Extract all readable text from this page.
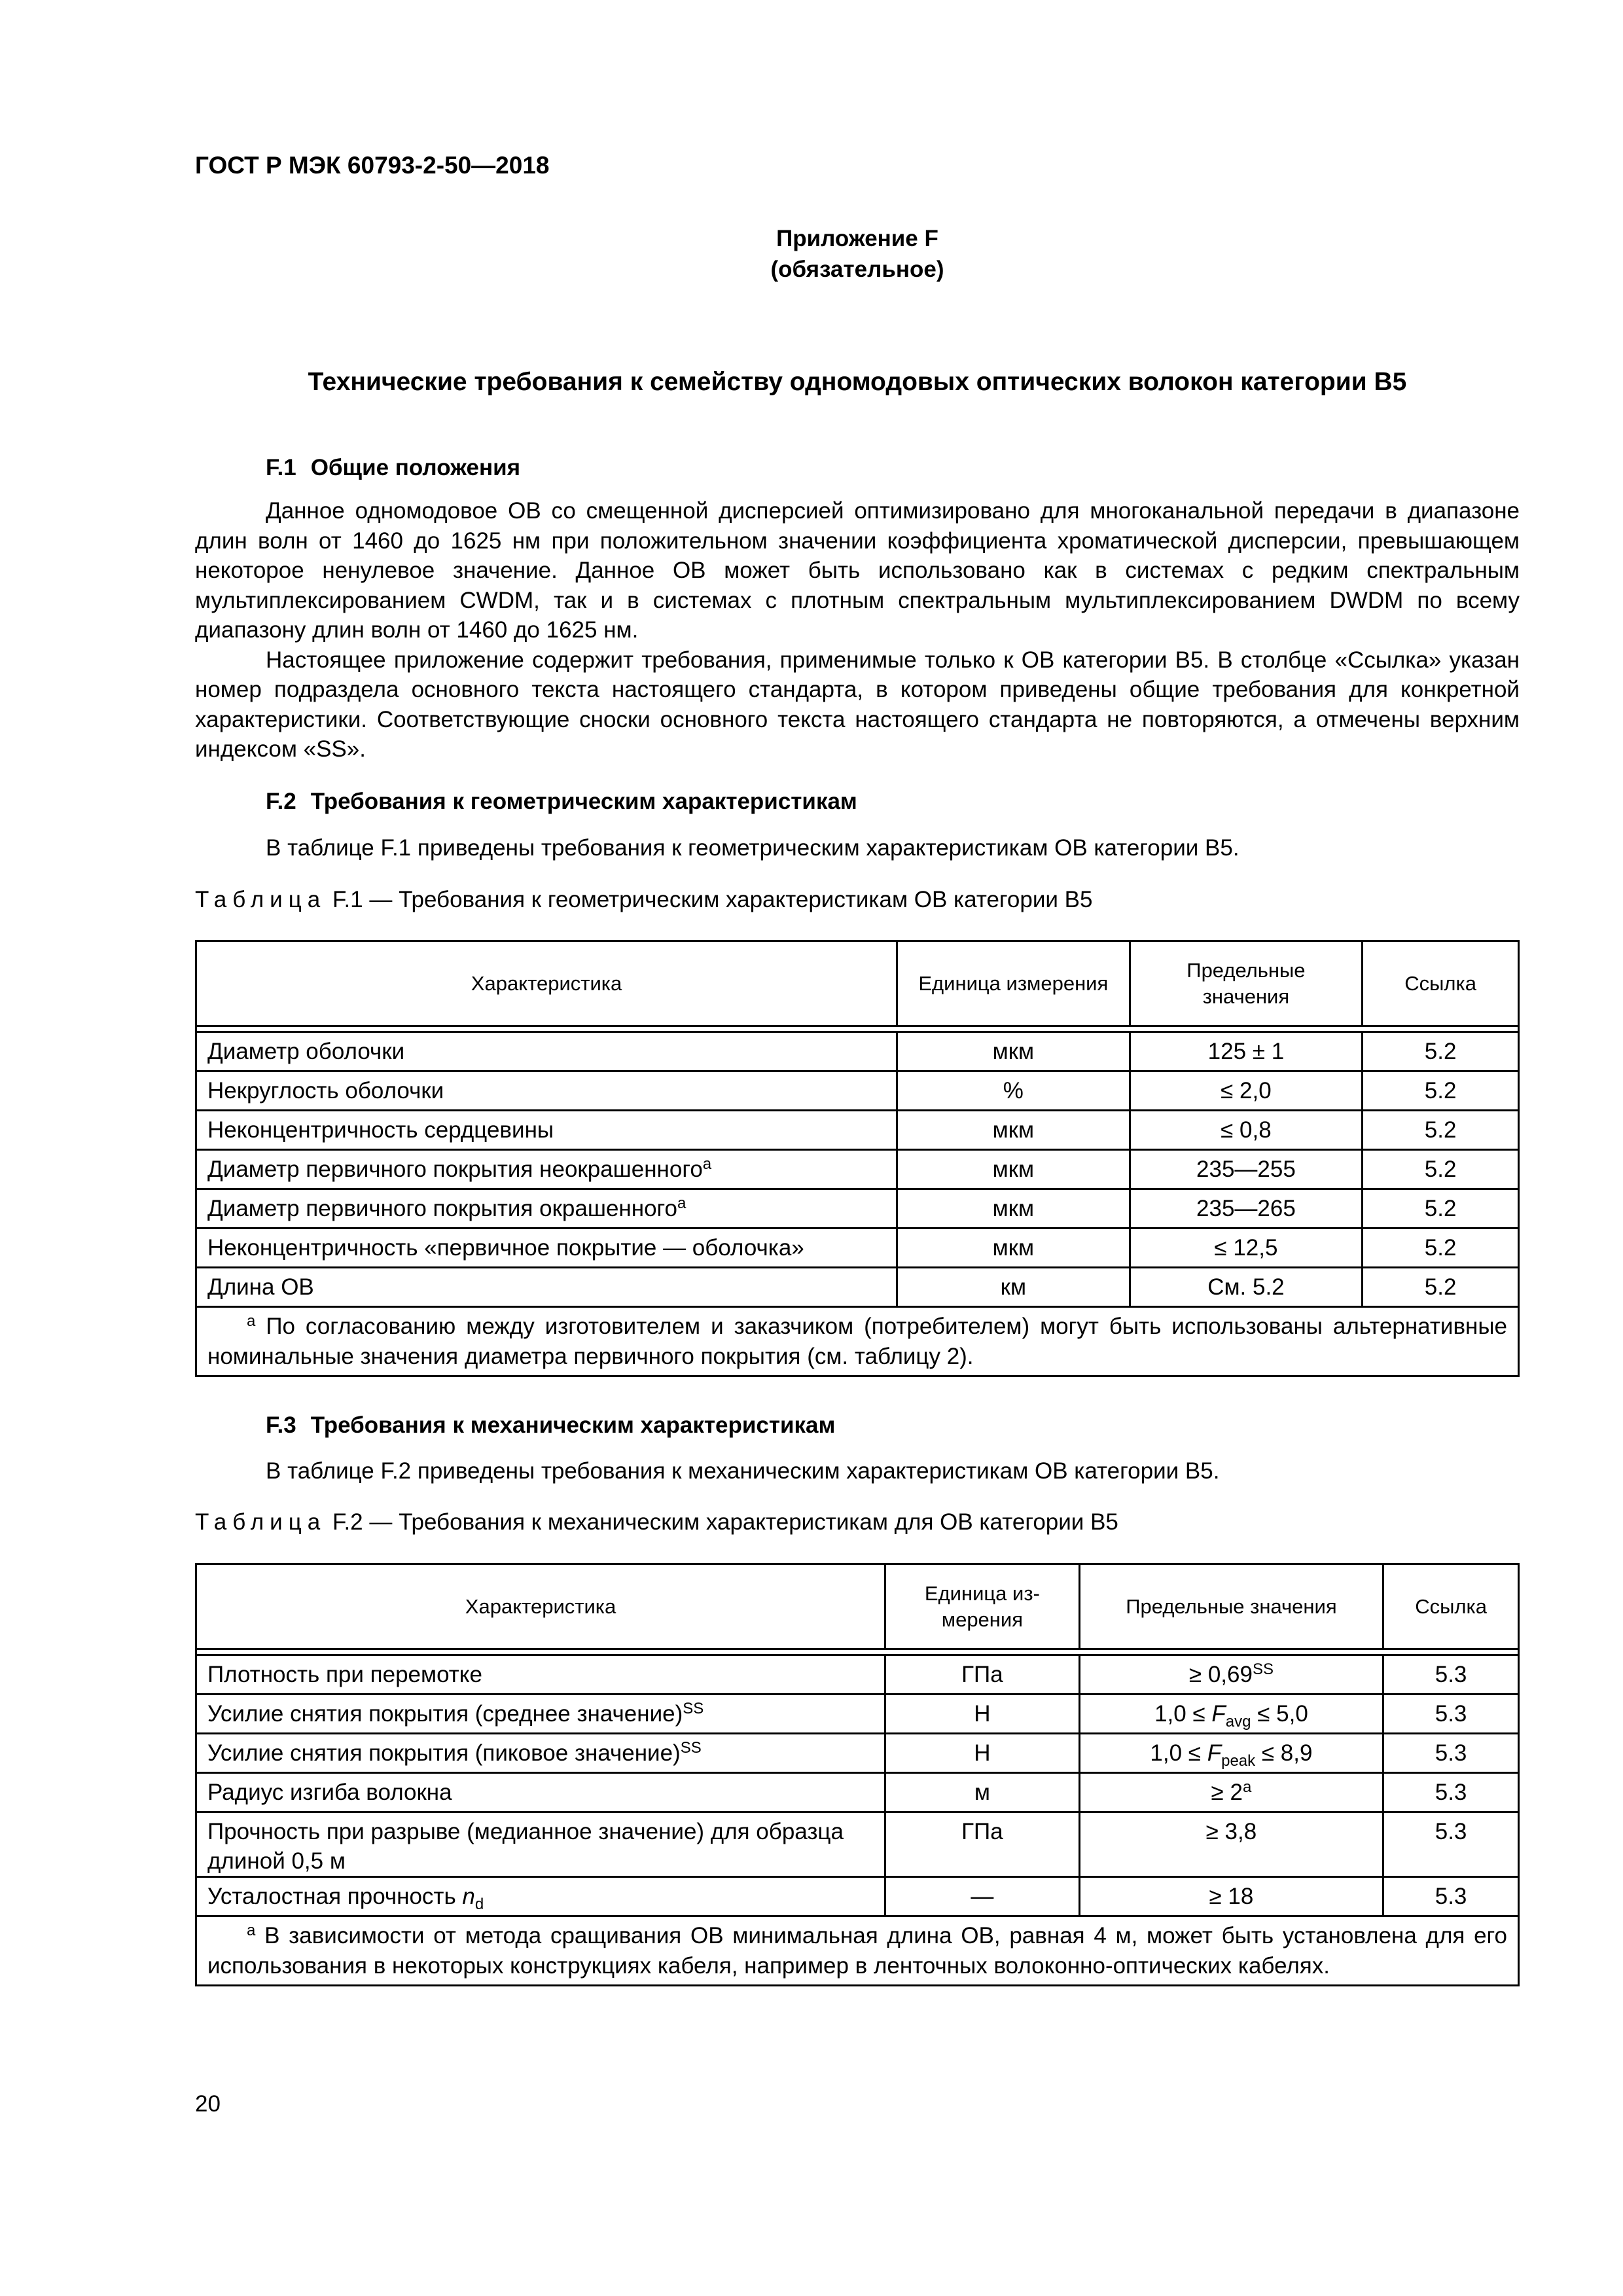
ГОСТ Р МЭК 60793-2-50—2018
Приложение F
(обязательное)
Технические требования к семейству одномодовых оптических волокон категории B5
F.1 Общие положения

Данное одномодовое ОВ со смещенной дисперсией оптимизировано для многоканальной передачи в диапазоне длин волн от 1460 до 1625 нм при положительном значении коэффициента хроматической дисперсии, превышающем некоторое ненулевое значение. Данное ОВ может быть использовано как в системах с редким спектральным мультиплексированием CWDM, так и в системах с плотным спектральным мультиплексированием DWDM по всему диапазону длин волн от 1460 до 1625 нм.

Настоящее приложение содержит требования, применимые только к ОВ категории В5. В столбце «Ссылка» указан номер подраздела основного текста настоящего стандарта, в котором приведены общие требования для конкретной характеристики. Соответствующие сноски основного текста настоящего стандарта не повторяются, а отмечены верхним индексом «SS».

F.2 Требования к геометрическим характеристикам

В таблице F.1 приведены требования к геометрическим характеристикам ОВ категории B5.

Таблица F.1 — Требования к геометрическим характеристикам ОВ категории B5
Характеристика	Единица измерения	Предельные значения	Ссылка

Диаметр оболочки	мкм	125 ± 1	5.2
Некруглость оболочки	%	≤ 2,0	5.2
Неконцентричность сердцевины	мкм	≤ 0,8	5.2
Диаметр первичного покрытия неокрашенного$^a$	мкм	235—255	5.2
Диаметр первичного покрытия окрашенного$^a$	мкм	235—265	5.2
Неконцентричность «первичное покрытие — оболочка»	мкм	≤ 12,5	5.2
Длина ОВ	км	См. 5.2	5.2
$^a$ По согласованию между изготовителем и заказчиком (потребителем) могут быть использованы альтернативные номинальные значения диаметра первичного покрытия (см. таблицу 2).			
F.3 Требования к механическим характеристикам

В таблице F.2 приведены требования к механическим характеристикам ОВ категории B5.

Таблица F.2 — Требования к механическим характеристикам для ОВ категории B5
Характеристика	Единица из-мерения	Предельные значения	Ссылка

Плотность при перемотке	ГПа	≥ $0,69^{SS}$	5.3
Усилие снятия покрытия (среднее значение)$^{SS}$	Н	$1,0 \le F_{avg} \le 5,0$	5.3
Усилие снятия покрытия (пиковое значение)$^{SS}$	Н	$1,0 \le F_{peak} \le 8,9$	5.3
Радиус изгиба волокна	м	≥ $2^a$	5.3
Прочность при разрыве (медианное значение) для образца длиной 0,5 м	ГПа	≥ 3,8	5.3
Усталостная прочность $n_d$	—	≥ 18	5.3
$^a$ В зависимости от метода сращивания ОВ минимальная длина ОВ, равная 4 м, может быть установлена для его использования в некоторых конструкциях кабеля, например в ленточных волоконно-оптических кабелях.			
20
